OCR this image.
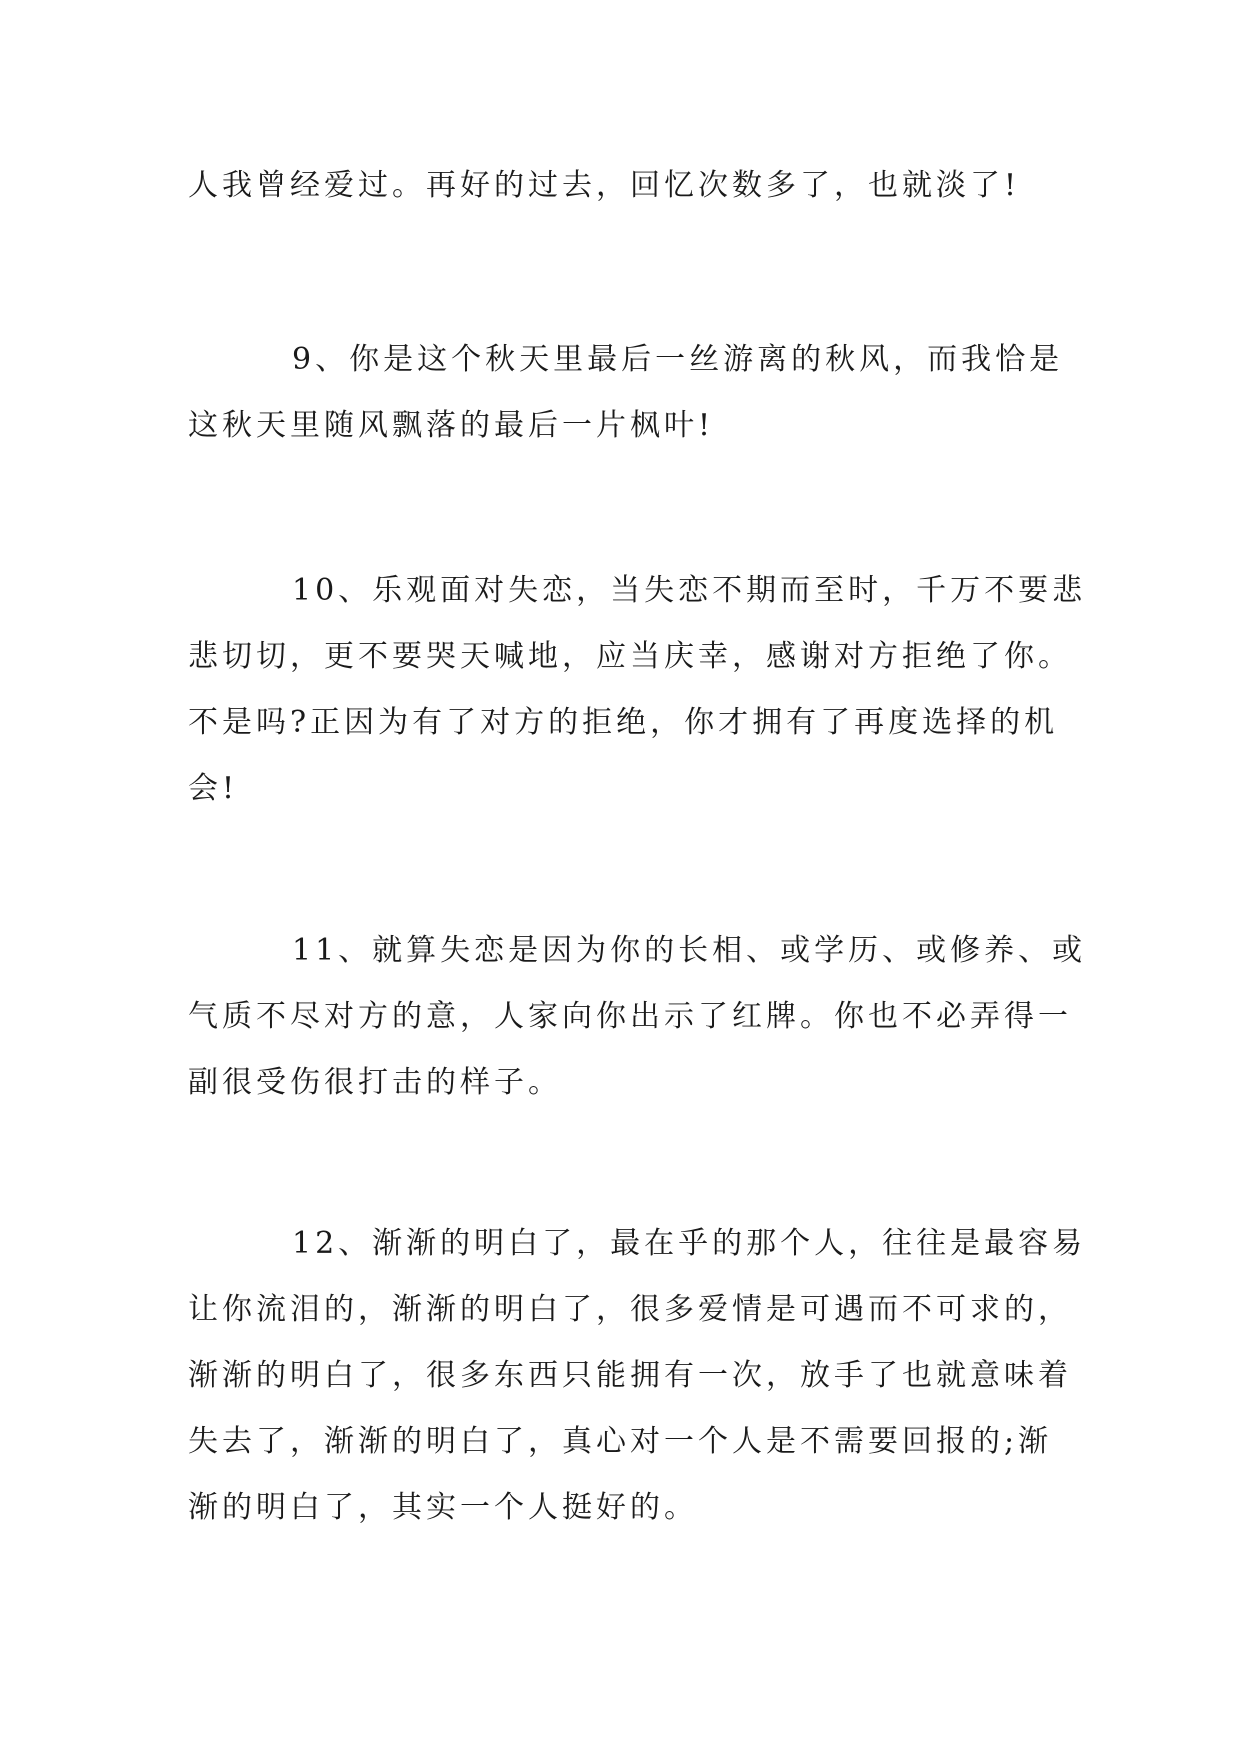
人我曾经爱过。再好的过去，回忆次数多了，也就淡了!

9、你是这个秋天里最后一丝游离的秋风，而我恰是
这秋天里随风飘落的最后一片枫叶!

10、乐观面对失恋，当失恋不期而至时，千万不要悲
悲切切，更不要哭天喊地，应当庆幸，感谢对方拒绝了你。
不是吗?正因为有了对方的拒绝，你才拥有了再度选择的机
会!

11、就算失恋是因为你的长相、或学历、或修养、或
气质不尽对方的意，人家向你出示了红牌。你也不必弄得一
副很受伤很打击的样子。

12、渐渐的明白了，最在乎的那个人，往往是最容易
让你流泪的，渐渐的明白了，很多爱情是可遇而不可求的，
渐渐的明白了，很多东西只能拥有一次，放手了也就意味着
失去了，渐渐的明白了，真心对一个人是不需要回报的;渐
渐的明白了，其实一个人挺好的。
